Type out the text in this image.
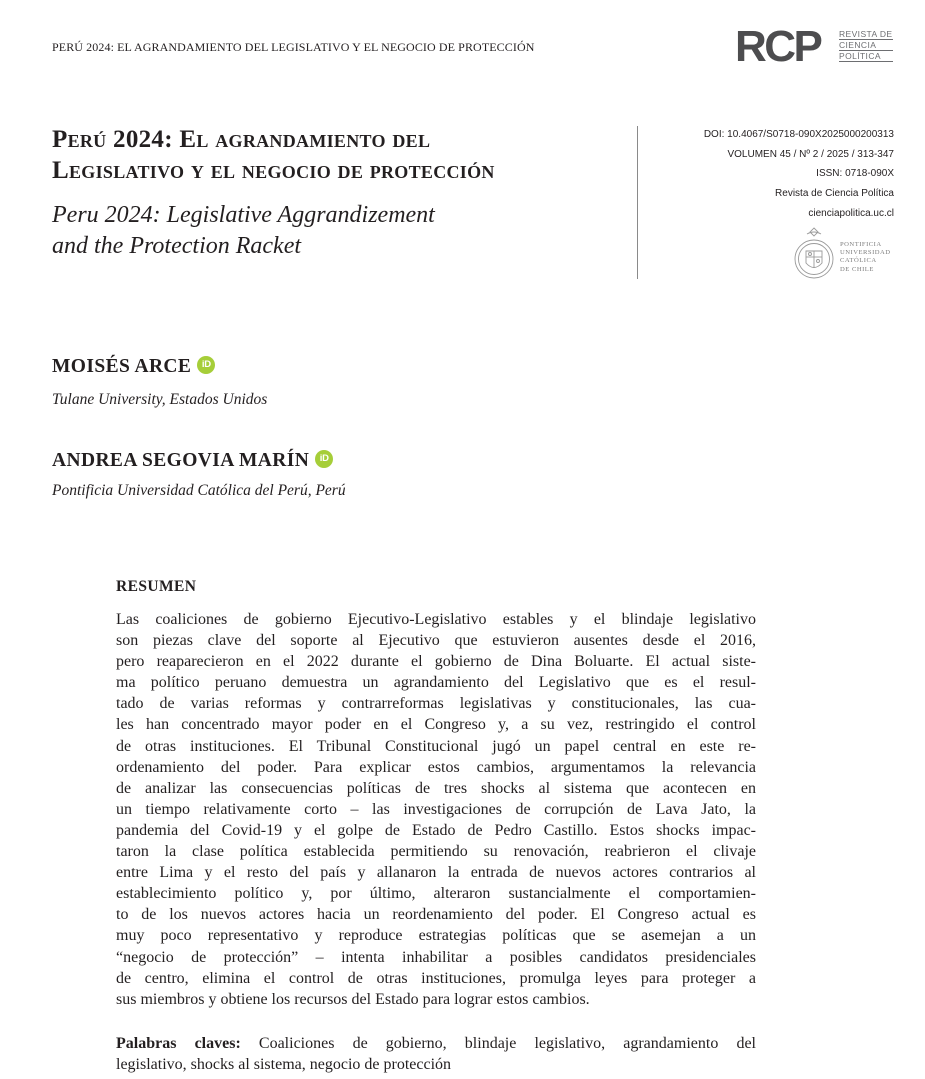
PERÚ 2024: EL AGRANDAMIENTO DEL LEGISLATIVO Y EL NEGOCIO DE PROTECCIÓN	RCP REVISTA DE
CIENCIA
POLÍTICA
Perú 2024: El agrandamiento del
Legislativo y el negocio de protección
Peru 2024: Legislative Aggrandizement
and the Protection Racket
DOI: 10.4067/S0718-090X2025000200313
VOLUMEN 45 / Nº 2 / 2025 / 313-347
ISSN: 0718-090X
Revista de Ciencia Política
cienciapolitica.uc.cl
PONTIFICIA
UNIVERSIDAD
CATÓLICA
DE CHILE
MOISÉS ARCE iD
Tulane University, Estados Unidos
ANDREA SEGOVIA MARÍN iD
Pontificia Universidad Católica del Perú, Perú
RESUMEN
Las coaliciones de gobierno Ejecutivo-Legislativo estables y el blindaje legislativo
son piezas clave del soporte al Ejecutivo que estuvieron ausentes desde el 2016,
pero reaparecieron en el 2022 durante el gobierno de Dina Boluarte. El actual siste-
ma político peruano demuestra un agrandamiento del Legislativo que es el resul-
tado de varias reformas y contrarreformas legislativas y constitucionales, las cua-
les han concentrado mayor poder en el Congreso y, a su vez, restringido el control
de otras instituciones. El Tribunal Constitucional jugó un papel central en este re-
ordenamiento del poder. Para explicar estos cambios, argumentamos la relevancia
de analizar las consecuencias políticas de tres shocks al sistema que acontecen en
un tiempo relativamente corto – las investigaciones de corrupción de Lava Jato, la
pandemia del Covid-19 y el golpe de Estado de Pedro Castillo. Estos shocks impac-
taron la clase política establecida permitiendo su renovación, reabrieron el clivaje
entre Lima y el resto del país y allanaron la entrada de nuevos actores contrarios al
establecimiento político y, por último, alteraron sustancialmente el comportamien-
to de los nuevos actores hacia un reordenamiento del poder. El Congreso actual es
muy poco representativo y reproduce estrategias políticas que se asemejan a un
“negocio de protección” – intenta inhabilitar a posibles candidatos presidenciales
de centro, elimina el control de otras instituciones, promulga leyes para proteger a
sus miembros y obtiene los recursos del Estado para lograr estos cambios.
Palabras claves: Coaliciones de gobierno, blindaje legislativo, agrandamiento del
legislativo, shocks al sistema, negocio de protección
